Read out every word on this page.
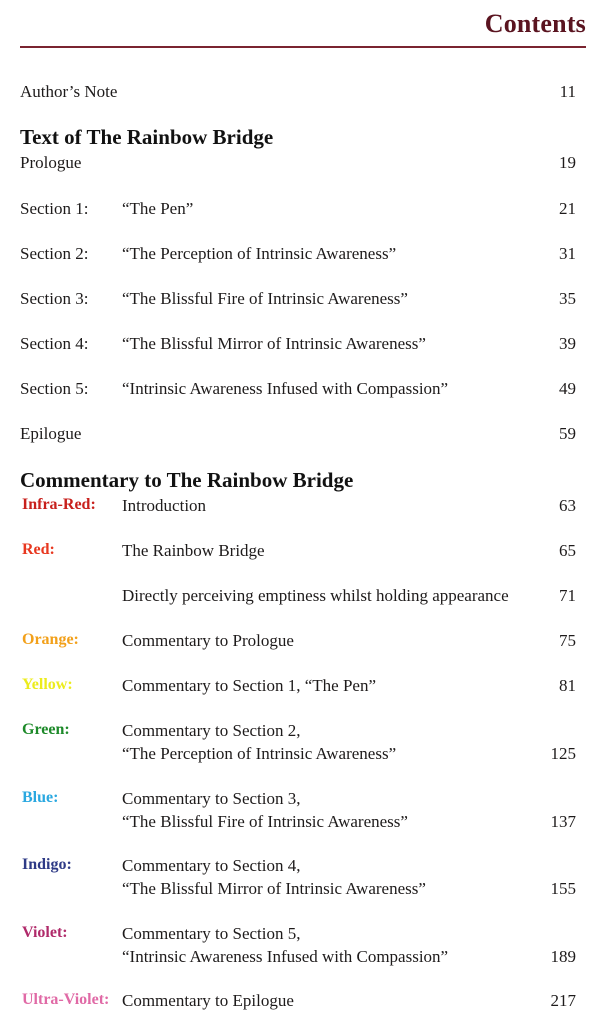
Contents
Author’s Note	11
Text of The Rainbow Bridge
Prologue	19
Section 1: “The Pen”	21
Section 2: “The Perception of Intrinsic Awareness”	31
Section 3: “The Blissful Fire of Intrinsic Awareness”	35
Section 4: “The Blissful Mirror of Intrinsic Awareness”	39
Section 5: “Intrinsic Awareness Infused with Compassion”	49
Epilogue	59
Commentary to The Rainbow Bridge
Infra-Red: Introduction	63
Red:	The Rainbow Bridge	65
Directly perceiving emptiness whilst holding appearance	71
Orange:	Commentary to Prologue	75
Yellow:	Commentary to Section 1, “The Pen”	81
Green:	Commentary to Section 2,
“The Perception of Intrinsic Awareness”	125
Blue:	Commentary to Section 3,
“The Blissful Fire of Intrinsic Awareness”	137
Indigo:	Commentary to Section 4,
“The Blissful Mirror of Intrinsic Awareness”	155
Violet:	Commentary to Section 5,
“Intrinsic Awareness Infused with Compassion”	189
Ultra-Violet: Commentary to Epilogue	217
